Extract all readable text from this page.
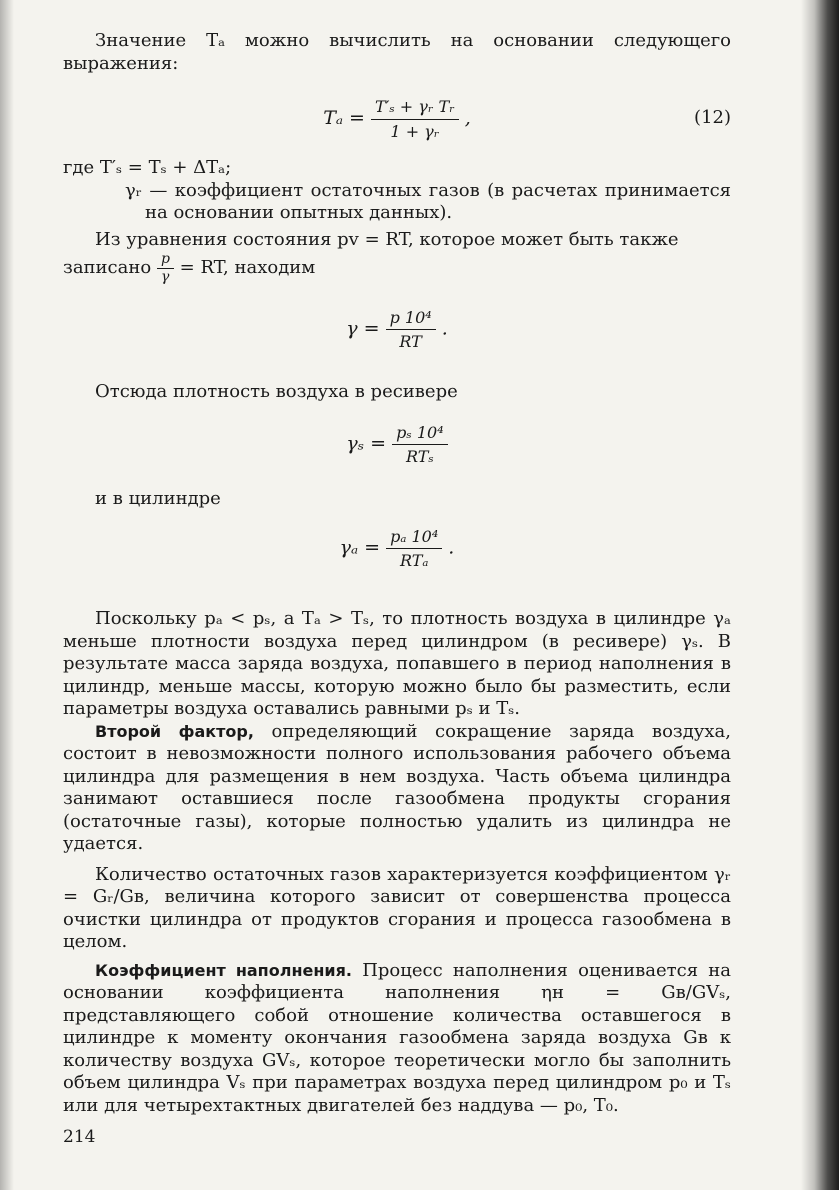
Значение Tₐ можно вычислить на основании следующего выражения:

$T_a = \frac{\text{T′ₛ + γᵣ Tᵣ}}{\text{1 + γᵣ}}$ ,	(12)

где T′ₛ = Tₛ + ΔTₐ;

γᵣ — коэффициент остаточных газов (в расчетах принимается на основании опытных данных).

Из уравнения состояния pv = RT, которое может быть также

записано $\frac{p}{\gamma}$ = RT, находим

$\gamma = \frac{\text{p 10⁴}}{RT}$ .

Отсюда плотность воздуха в ресивере

$\gamma_s = \frac{\text{pₛ 10⁴}}{\text{RTₛ}}$

и в цилиндре

$\gamma_a = \frac{\text{pₐ 10⁴}}{\text{RTₐ}}$ .

Поскольку pₐ < pₛ, а Tₐ > Tₛ, то плотность воздуха в цилиндре γₐ меньше плотности воздуха перед цилиндром (в ресивере) γₛ. В результате масса заряда воздуха, попавшего в период наполнения в цилиндр, меньше массы, которую можно было бы разместить, если параметры воздуха оставались равными pₛ и Tₛ.

Второй фактор, определяющий сокращение заряда воздуха, состоит в невозможности полного использования рабочего объема цилиндра для размещения в нем воздуха. Часть объема цилиндра занимают оставшиеся после газообмена продукты сгорания (остаточные газы), которые полностью удалить из цилиндра не удается.

Количество остаточных газов характеризуется коэффициентом γᵣ = Gᵣ/Gв, величина которого зависит от совершенства процесса очистки цилиндра от продуктов сгорания и процесса газообмена в целом.

Коэффициент наполнения. Процесс наполнения оценивается на основании коэффициента наполнения ηн = Gв/GVₛ, представляющего собой отношение количества оставшегося в цилиндре к моменту окончания газообмена заряда воздуха Gв к количеству воздуха GVₛ, которое теоретически могло бы заполнить объем цилиндра Vₛ при параметрах воздуха перед цилиндром p₀ и Tₛ или для четырехтактных двигателей без наддува — p₀, T₀.

214
